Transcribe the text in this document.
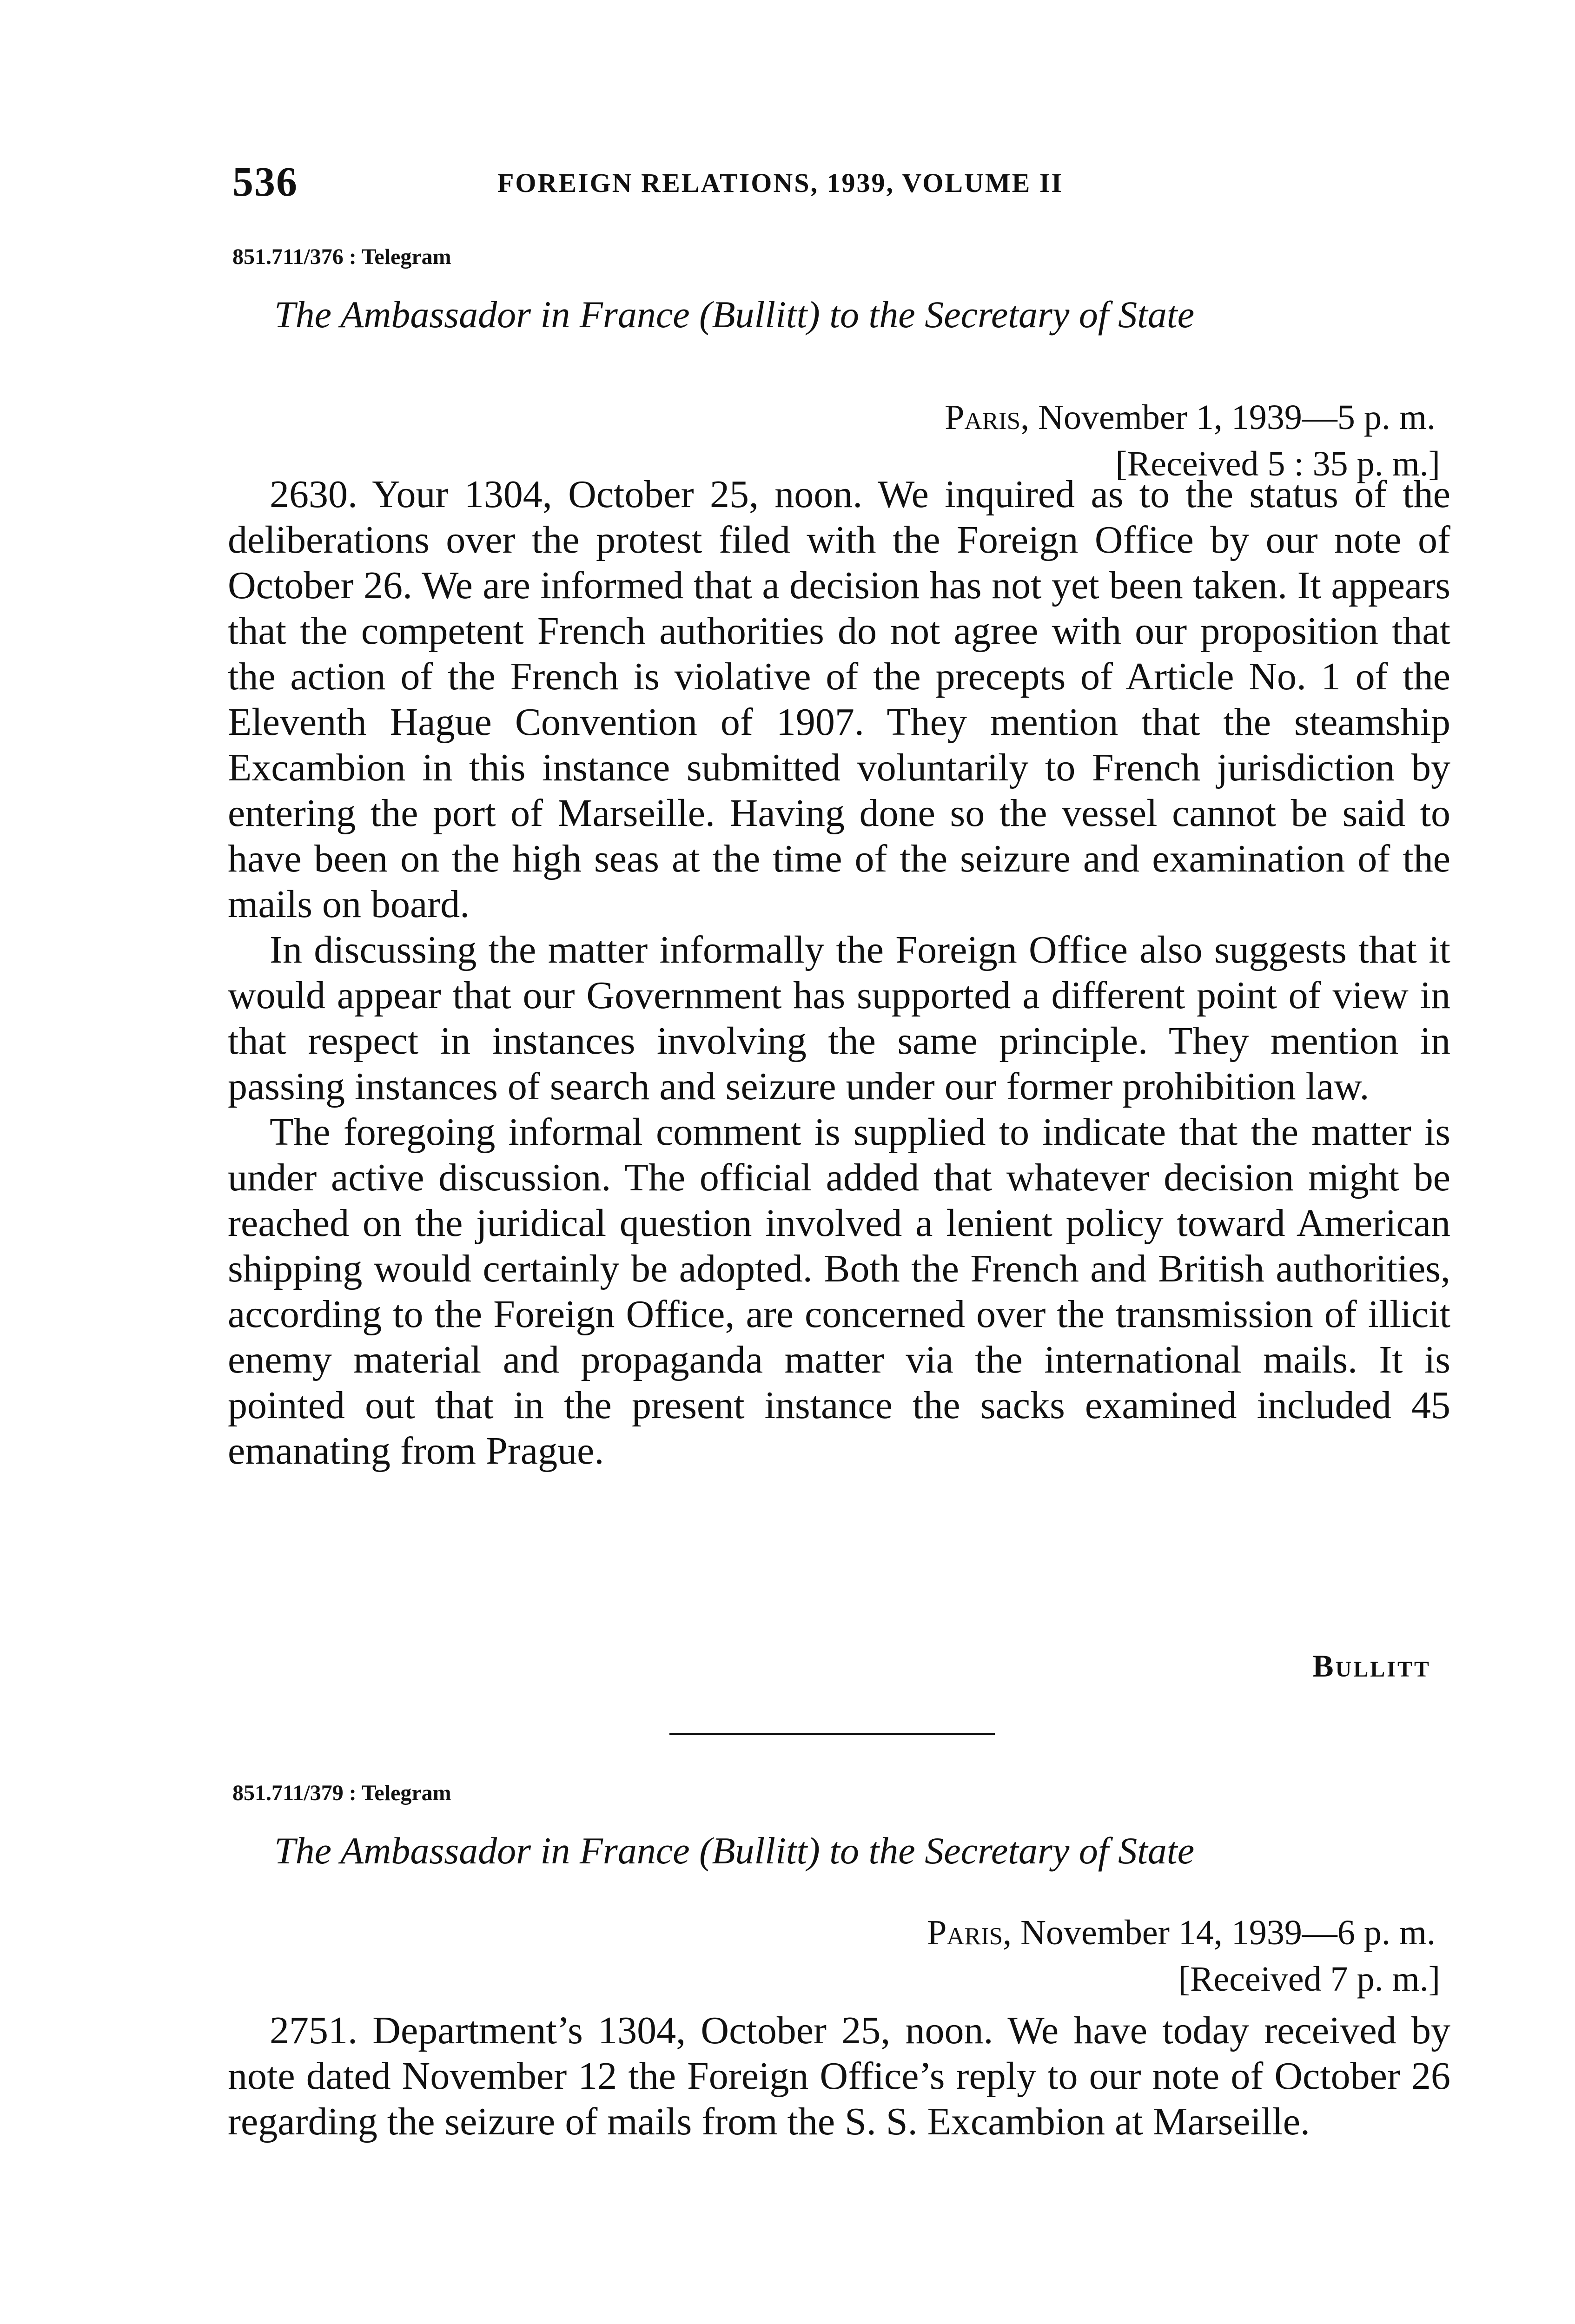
536	FOREIGN RELATIONS, 1939, VOLUME II
851.711/376 : Telegram
The Ambassador in France (Bullitt) to the Secretary of State
Paris, November 1, 1939—5 p. m.
[Received 5 : 35 p. m.]

2630. Your 1304, October 25, noon. We inquired as to the status of the deliberations over the protest filed with the Foreign Office by our note of October 26. We are informed that a decision has not yet been taken. It appears that the competent French authorities do not agree with our proposition that the action of the French is violative of the precepts of Article No. 1 of the Eleventh Hague Convention of 1907. They mention that the steamship Excambion in this instance submitted voluntarily to French jurisdiction by entering the port of Marseille. Having done so the vessel cannot be said to have been on the high seas at the time of the seizure and examination of the mails on board.

In discussing the matter informally the Foreign Office also suggests that it would appear that our Government has supported a different point of view in that respect in instances involving the same principle. They mention in passing instances of search and seizure under our former prohibition law.

The foregoing informal comment is supplied to indicate that the matter is under active discussion. The official added that whatever decision might be reached on the juridical question involved a lenient policy toward American shipping would certainly be adopted. Both the French and British authorities, according to the Foreign Office, are concerned over the transmission of illicit enemy material and propaganda matter via the international mails. It is pointed out that in the present instance the sacks examined included 45 emanating from Prague.

Bullitt
851.711/379 : Telegram
The Ambassador in France (Bullitt) to the Secretary of State
Paris, November 14, 1939—6 p. m.
[Received 7 p. m.]

2751. Department’s 1304, October 25, noon. We have today received by note dated November 12 the Foreign Office’s reply to our note of October 26 regarding the seizure of mails from the S. S. Excambion at Marseille.
